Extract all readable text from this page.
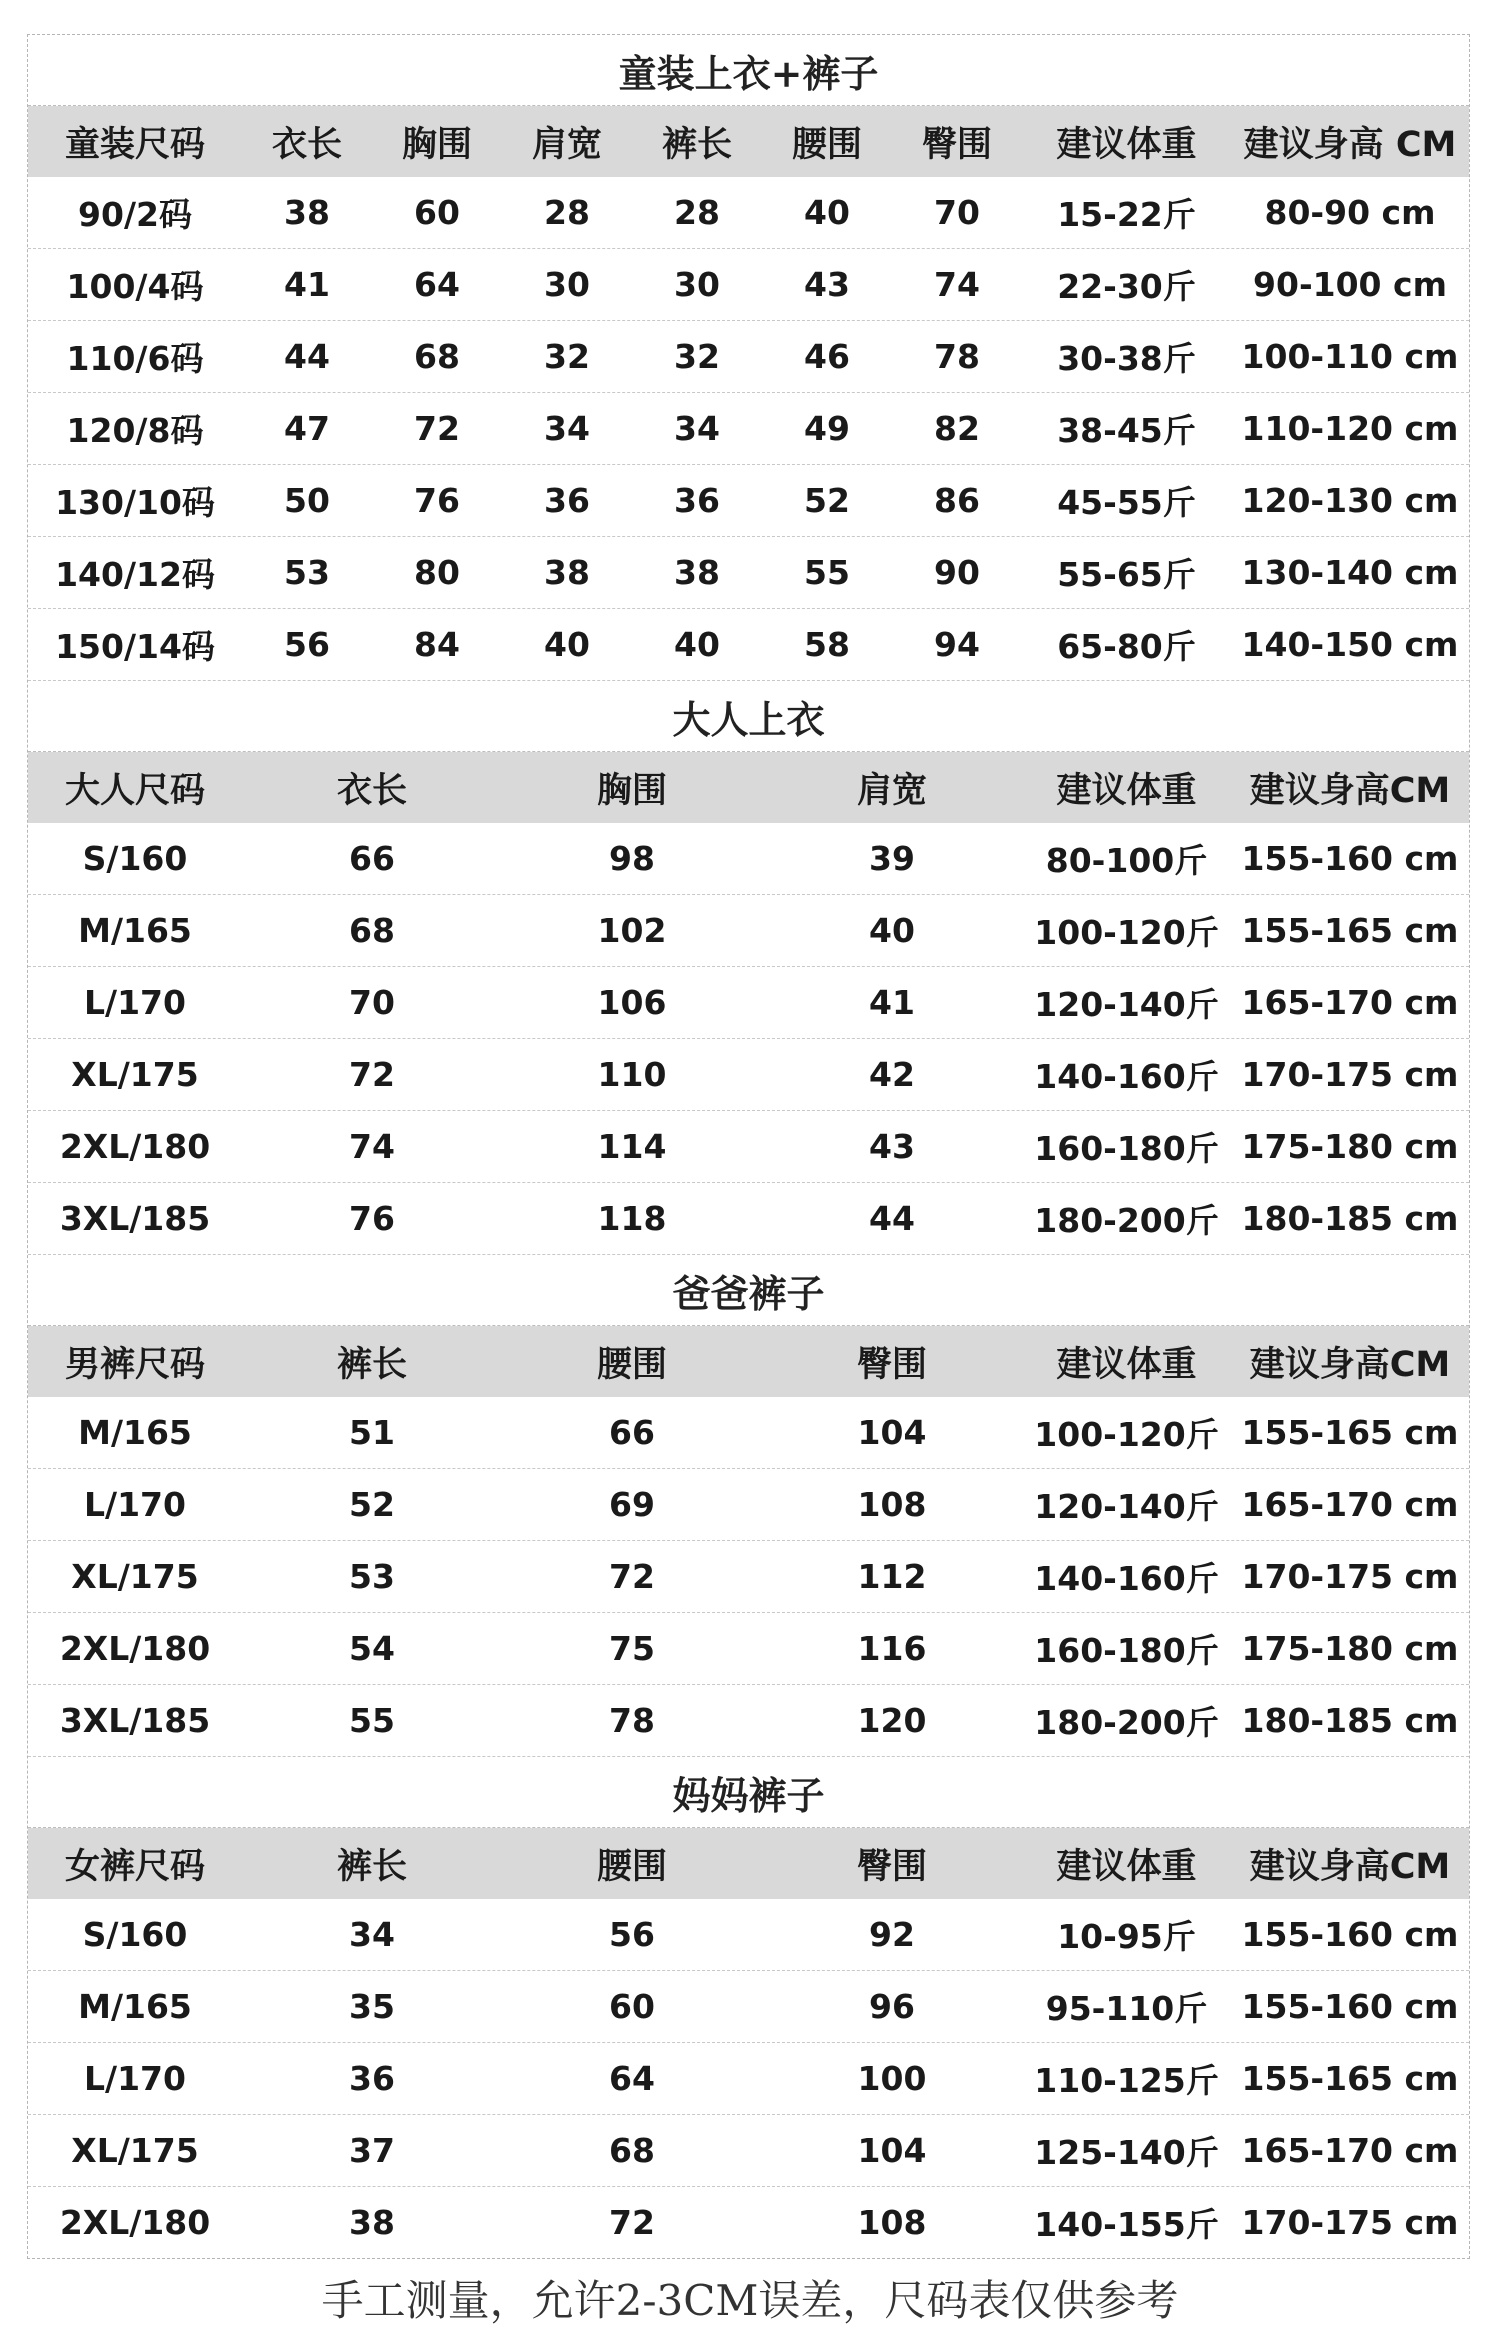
童装上衣+裤子
童装尺码	衣长	胸围	肩宽	裤长	腰围	臀围	建议体重	建议身高 CM
90/2码	38	60	28	28	40	70	15-22斤	80-90 cm
100/4码	41	64	30	30	43	74	22-30斤	90-100 cm
110/6码	44	68	32	32	46	78	30-38斤	100-110 cm
120/8码	47	72	34	34	49	82	38-45斤	110-120 cm
130/10码	50	76	36	36	52	86	45-55斤	120-130 cm
140/12码	53	80	38	38	55	90	55-65斤	130-140 cm
150/14码	56	84	40	40	58	94	65-80斤	140-150 cm
大人上衣
大人尺码	衣长	胸围	肩宽	建议体重	建议身高CM
S/160	66	98	39	80-100斤	155-160 cm
M/165	68	102	40	100-120斤 155-165 cm
L/170	70	106	41	120-140斤 165-170 cm
XL/175	72	110	42	140-160斤 170-175 cm
2XL/180	74	114	43	160-180斤 175-180 cm
3XL/185	76	118	44	180-200斤 180-185 cm
爸爸裤子
男裤尺码	裤长	腰围	臀围	建议体重	建议身高CM
M/165	51	66	104	100-120斤 155-165 cm
L/170	52	69	108	120-140斤 165-170 cm
XL/175	53	72	112	140-160斤 170-175 cm
2XL/180	54	75	116	160-180斤 175-180 cm
3XL/185	55	78	120	180-200斤 180-185 cm
妈妈裤子
女裤尺码	裤长	腰围	臀围	建议体重	建议身高CM
S/160	34	56	92	10-95斤	155-160 cm
M/165	35	60	96	95-110斤	155-160 cm
L/170	36	64	100	110-125斤 155-165 cm
XL/175	37	68	104	125-140斤 165-170 cm
2XL/180	38	72	108	140-155斤 170-175 cm
手工测量，允许2-3CM误差，尺码表仅供参考
